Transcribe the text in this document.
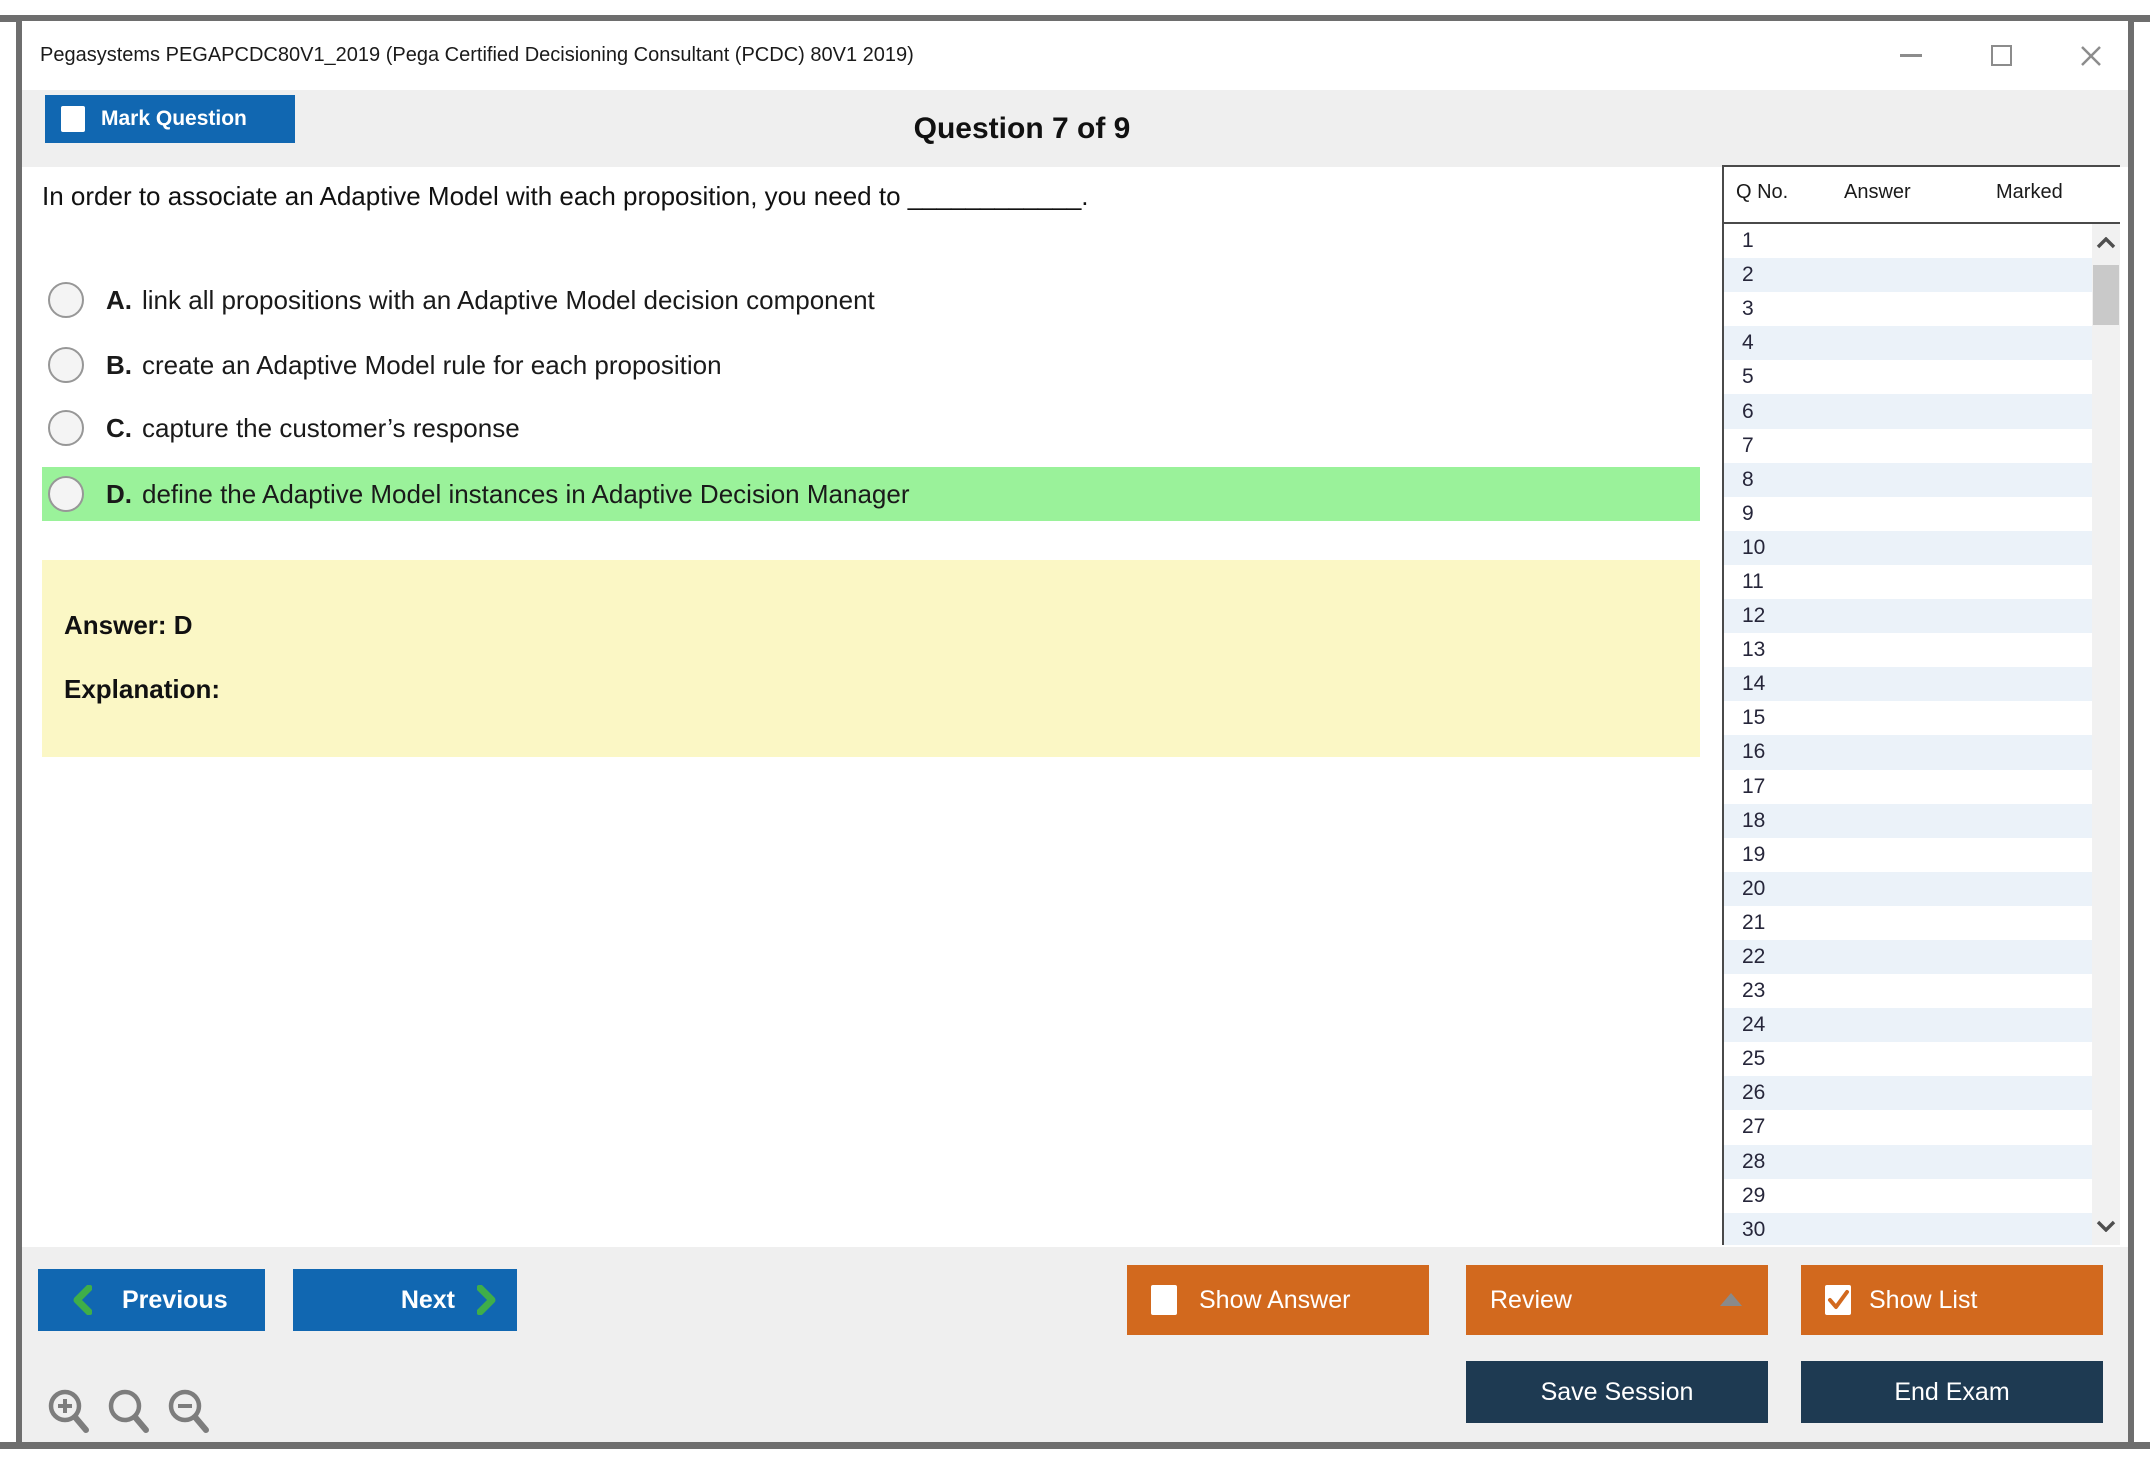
Pegasystems PEGAPCDC80V1_2019 (Pega Certified Decisioning Consultant (PCDC) 80V1 2019)
Question 7 of 9
Mark Question
In order to associate an Adaptive Model with each proposition, you need to ____________.
A. link all propositions with an Adaptive Model decision component
B. create an Adaptive Model rule for each proposition
C. capture the customer’s response
D. define the Adaptive Model instances in Adaptive Decision Manager
Answer: D
Explanation:
Q No.	Answer	Marked
1
2
3
4
5
6
7
8
9
10
11
12
13
14
15
16
17
18
19
20
21
22
23
24
25
26
27
28
29
30
Previous	Next	Show Answer	Review	Show List
Save Session	End Exam
